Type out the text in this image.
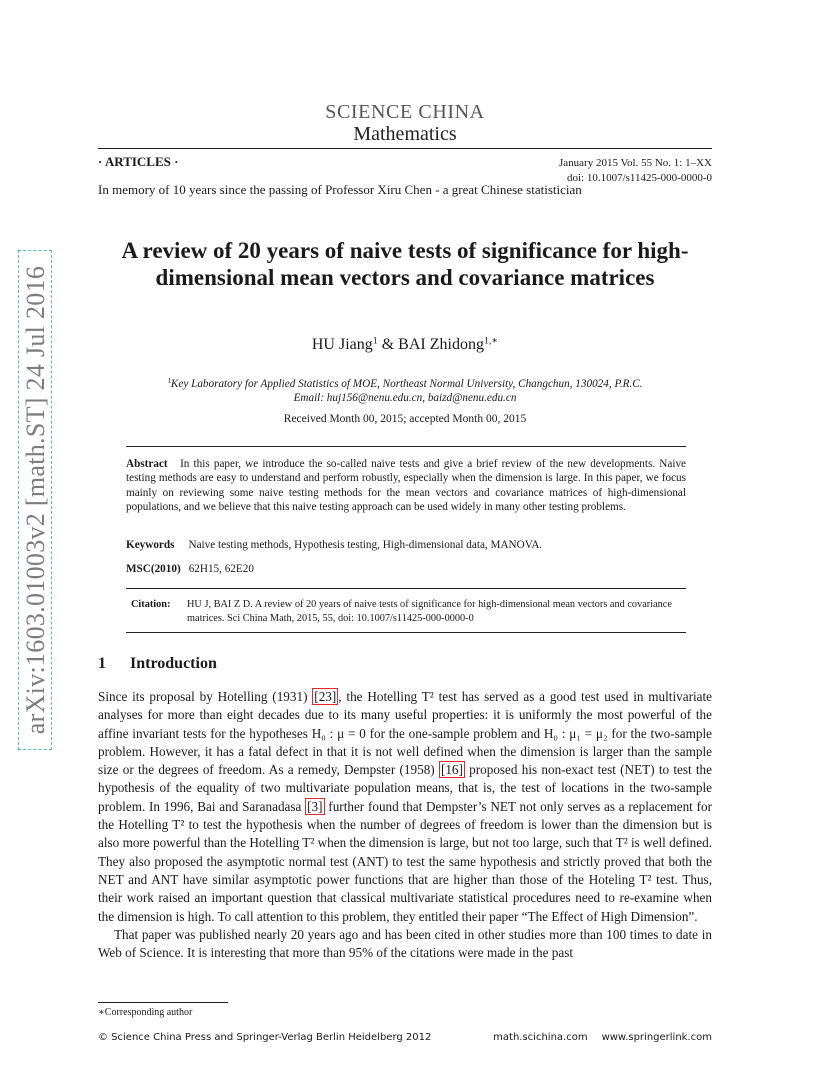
arXiv:1603.01003v2 [math.ST] 24 Jul 2016
SCIENCE CHINA
Mathematics
· ARTICLES ·	January 2015 Vol. 55 No. 1: 1–XX
doi: 10.1007/s11425-000-0000-0
In memory of 10 years since the passing of Professor Xiru Chen - a great Chinese statistician
A review of 20 years of naive tests of significance for high-dimensional mean vectors and covariance matrices
HU Jiang$^1$ & BAI Zhidong$^{1,∗}$
$^1$Key Laboratory for Applied Statistics of MOE, Northeast Normal University, Changchun, 130024, P.R.C.
Email: huj156@nenu.edu.cn, baizd@nenu.edu.cn
Received Month 00, 2015; accepted Month 00, 2015
Abstract In this paper, we introduce the so-called naive tests and give a brief review of the new developments. Naive testing methods are easy to understand and perform robustly, especially when the dimension is large. In this paper, we focus mainly on reviewing some naive testing methods for the mean vectors and covariance matrices of high-dimensional populations, and we believe that this naive testing approach can be used widely in many other testing problems.
Keywords Naive testing methods, Hypothesis testing, High-dimensional data, MANOVA.
MSC(2010) 62H15, 62E20
Citation: HU J, BAI Z D. A review of 20 years of naive tests of significance for high-dimensional mean vectors and covariance matrices. Sci China Math, 2015, 55, doi: 10.1007/s11425-000-0000-0
1 Introduction

Since its proposal by Hotelling (1931) [23] , the Hotelling T² test has served as a good test used in multivariate analyses for more than eight decades due to its many useful properties: it is uniformly the most powerful of the affine invariant tests for the hypotheses H₀ : μ = 0 for the one-sample problem and H₀ : μ₁ = μ₂ for the two-sample problem. However, it has a fatal defect in that it is not well defined when the dimension is larger than the sample size or the degrees of freedom. As a remedy, Dempster (1958) [16] proposed his non-exact test (NET) to test the hypothesis of the equality of two multivariate population means, that is, the test of locations in the two-sample problem. In 1996, Bai and Saranadasa [3] further found that Dempster’s NET not only serves as a replacement for the Hotelling T² to test the hypothesis when the number of degrees of freedom is lower than the dimension but is also more powerful than the Hotelling T² when the dimension is large, but not too large, such that T² is well defined. They also proposed the asymptotic normal test (ANT) to test the same hypothesis and strictly proved that both the NET and ANT have similar asymptotic power functions that are higher than those of the Hoteling T² test. Thus, their work raised an important question that classical multivariate statistical procedures need to re-examine when the dimension is high. To call attention to this problem, they entitled their paper “The Effect of High Dimension”.

That paper was published nearly 20 years ago and has been cited in other studies more than 100 times to date in Web of Science. It is interesting that more than 95% of the citations were made in the past

∗Corresponding author
© Science China Press and Springer-Verlag Berlin Heidelberg 2012	math.scichina.com www.springerlink.com
